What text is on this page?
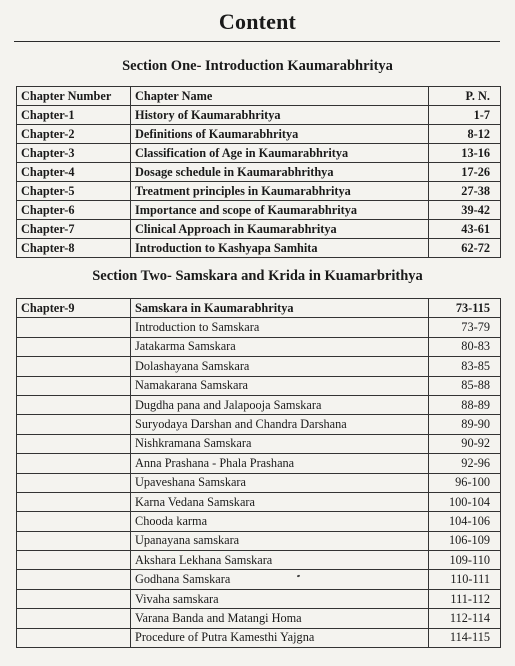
Content
Section One- Introduction Kaumarabhritya
Chapter Number	Chapter Name	P. N.
Chapter-1	History of Kaumarabhritya	1-7
Chapter-2	Definitions of Kaumarabhritya	8-12
Chapter-3	Classification of Age in Kaumarabhritya	13-16
Chapter-4	Dosage schedule in Kaumarabhrithya	17-26
Chapter-5	Treatment principles in Kaumarabhritya	27-38
Chapter-6	Importance and scope of Kaumarabhritya	39-42
Chapter-7	Clinical Approach in Kaumarabhritya	43-61
Chapter-8	Introduction to Kashyapa Samhita	62-72
Section Two- Samskara and Krida in Kuamarbrithya
Chapter-9	Samskara in Kaumarabhritya	73-115
	Introduction to Samskara	73-79
	Jatakarma Samskara	80-83
	Dolashayana Samskara	83-85
	Namakarana Samskara	85-88
	Dugdha pana and Jalapooja Samskara	88-89
	Suryodaya Darshan and Chandra Darshana	89-90
	Nishkramana Samskara	90-92
	Anna Prashana - Phala Prashana	92-96
	Upaveshana Samskara	96-100
	Karna Vedana Samskara	100-104
	Chooda karma	104-106
	Upanayana samskara	106-109
	Akshara Lekhana Samskara	109-110
	Godhana Samskara	110-111
	Vivaha samskara	111-112
	Varana Banda and Matangi Homa	112-114
	Procedure of Putra Kamesthi Yajgna	114-115
